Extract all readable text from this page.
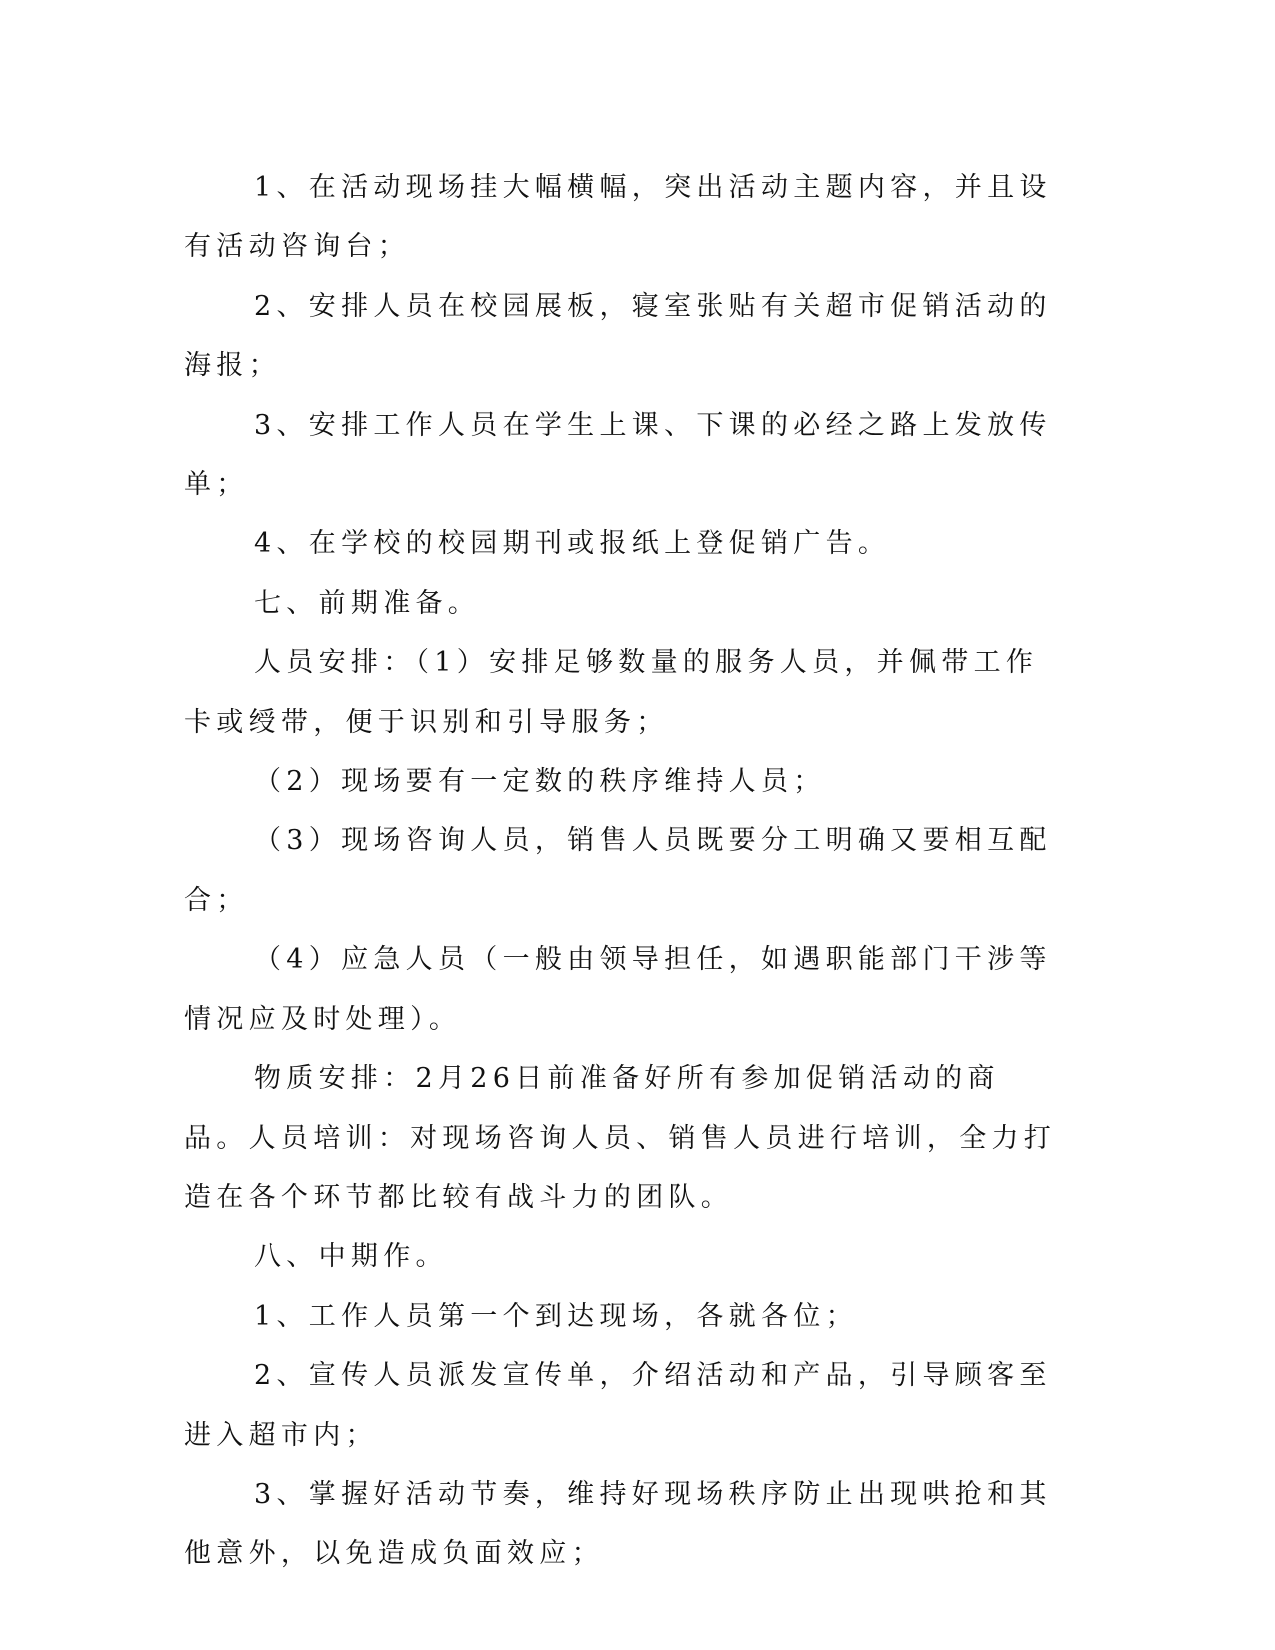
1、在活动现场挂大幅横幅，突出活动主题内容，并且设有活动咨询台；

2、安排人员在校园展板，寝室张贴有关超市促销活动的海报；

3、安排工作人员在学生上课、下课的必经之路上发放传单；

4、在学校的校园期刊或报纸上登促销广告。

七、前期准备。

人员安排：（1）安排足够数量的服务人员，并佩带工作卡或绶带，便于识别和引导服务；

（2）现场要有一定数的秩序维持人员；

（3）现场咨询人员，销售人员既要分工明确又要相互配合；

（4）应急人员（一般由领导担任，如遇职能部门干涉等情况应及时处理）。

物质安排：2月26日前准备好所有参加促销活动的商品。人员培训：对现场咨询人员、销售人员进行培训，全力打造在各个环节都比较有战斗力的团队。

八、中期作。

1、工作人员第一个到达现场，各就各位；

2、宣传人员派发宣传单，介绍活动和产品，引导顾客至进入超市内；

3、掌握好活动节奏，维持好现场秩序防止出现哄抢和其他意外，以免造成负面效应；
